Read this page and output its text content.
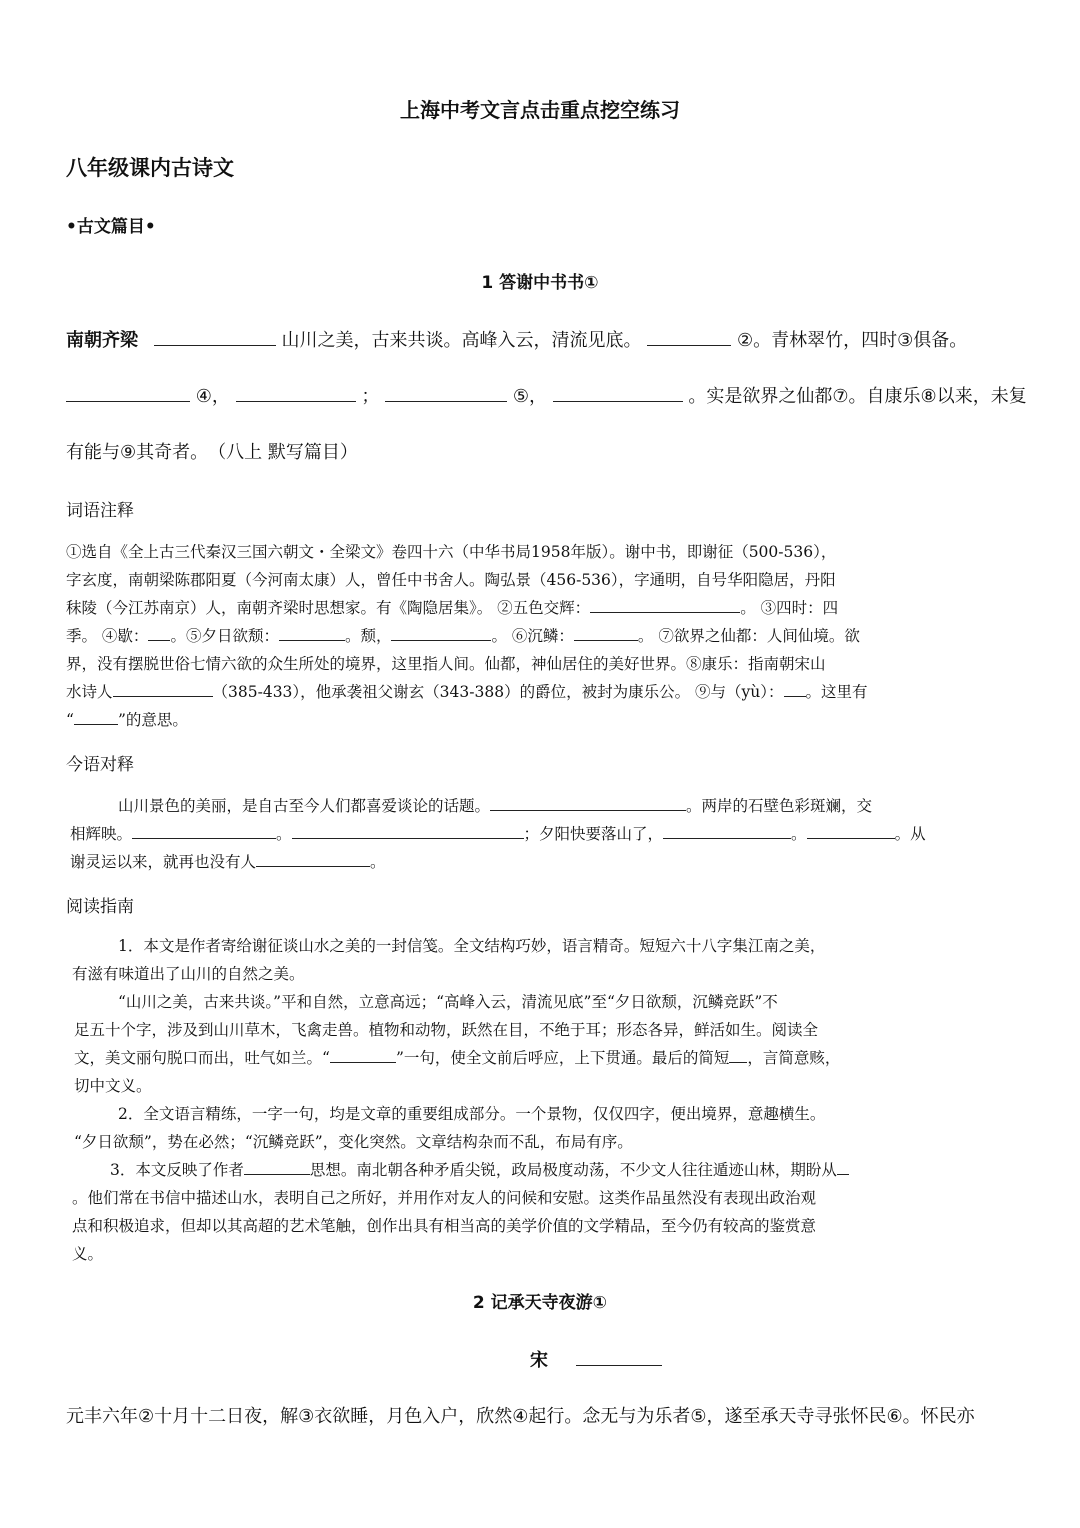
上海中考文言点击重点挖空练习
八年级课内古诗文
•古文篇目•
1 答谢中书书①
南朝齐梁	山川之美，古来共谈。高峰入云，清流见底。	②。青林翠竹，四时③俱备。
④，	；	⑤，	。实是欲界之仙都⑦。自康乐⑧以来，未复
有能与⑨其奇者。　（八上 默写篇目）
词语注释
①选自《全上古三代秦汉三国六朝文・全梁文》卷四十六（中华书局1958年版）。谢中书，即谢征（500-536），
字玄度，南朝梁陈郡阳夏（今河南太康）人，曾任中书舍人。陶弘景（456-536），字通明，自号华阳隐居，丹阳
秣陵（今江苏南京）人，南朝齐梁时思想家。有《陶隐居集》。 ②五色交辉：	。 ③四时：四
季。 ④歇： 。⑤夕日欲颓：	。颓，	。 ⑥沉鳞：	。 ⑦欲界之仙都：人间仙境。欲
界，没有摆脱世俗七情六欲的众生所处的境界，这里指人间。仙都，神仙居住的美好世界。⑧康乐：指南朝宋山
水诗人	（385-433），他承袭祖父谢玄（343-388）的爵位，被封为康乐公。 ⑨与（yù）： 。这里有
“	”的意思。
今语对释
山川景色的美丽，是自古至今人们都喜爱谈论的话题。	。两岸的石壁色彩斑斓，交
相辉映。	。	；夕阳快要落山了，	。	。从
谢灵运以来，就再也没有人	。
阅读指南
1．本文是作者寄给谢征谈山水之美的一封信笺。全文结构巧妙，语言精奇。短短六十八字集江南之美，
有滋有味道出了山川的自然之美。
“山川之美，古来共谈。”平和自然，立意高远；“高峰入云，清流见底”至“夕日欲颓，沉鳞竞跃”不
足五十个字，涉及到山川草木，飞禽走兽。植物和动物，跃然在目，不绝于耳；形态各异，鲜活如生。阅读全
文，美文丽句脱口而出，吐气如兰。“	”一句，使全文前后呼应，上下贯通。最后的简短 ，言简意赅，
切中文义。
2．全文语言精练，一字一句，均是文章的重要组成部分。一个景物，仅仅四字，便出境界，意趣横生。
“夕日欲颓”，势在必然；“沉鳞竞跃”，变化突然。文章结构杂而不乱，布局有序。
3．本文反映了作者	思想。南北朝各种矛盾尖锐，政局极度动荡，不少文人往往遁迹山林，期盼从
。他们常在书信中描述山水，表明自己之所好，并用作对友人的问候和安慰。这类作品虽然没有表现出政治观
点和积极追求，但却以其高超的艺术笔触，创作出具有相当高的美学价值的文学精品，至今仍有较高的鉴赏意
义。
2 记承天寺夜游①
宋
元丰六年②十月十二日夜，解③衣欲睡，月色入户，欣然④起行。念无与为乐者⑤，遂至承天寺寻张怀民⑥。怀民亦
